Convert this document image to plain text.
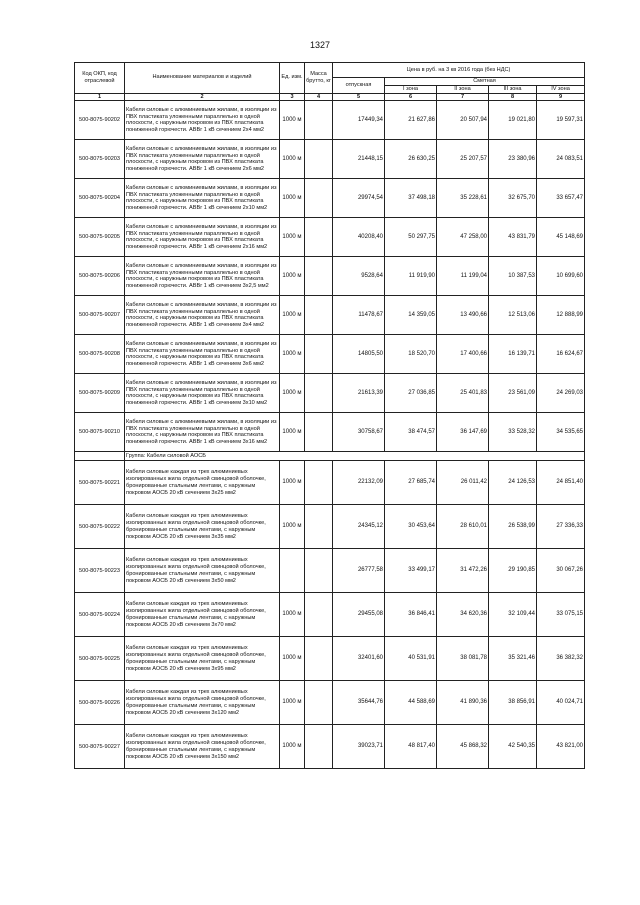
1327
Код ОКП, код отраслевой	Наименование материалов и изделий	Ед. изм.	Масса брутто, кг	Цена в руб. на 3 кв 2016 года (без НДС)				
				отпускная	Сметная			
					I зона	II зона	III зона	IV зона
1	2	3	4	5	6	7	8	9
500-8075-90202	Кабели силовые с алюминиевыми жилами, в изоляции из ПВХ пластиката уложенными параллельно в одной плоскости, с наружным покровом из ПВХ пластиката пониженной горючести. АВВг 1 кВ сечением 2х4 мм2	1000 м		17449,34	21 627,86	20 507,94	19 021,80	19 597,31
500-8075-90203	Кабели силовые с алюминиевыми жилами, в изоляции из ПВХ пластиката уложенными параллельно в одной плоскости, с наружным покровом из ПВХ пластиката пониженной горючести. АВВг 1 кВ сечением 2х6 мм2	1000 м		21448,15	26 630,25	25 207,57	23 380,96	24 083,51
500-8075-90204	Кабели силовые с алюминиевыми жилами, в изоляции из ПВХ пластиката уложенными параллельно в одной плоскости, с наружным покровом из ПВХ пластиката пониженной горючести. АВВг 1 кВ сечением 2х10 мм2	1000 м		29974,54	37 498,18	35 228,61	32 675,70	33 657,47
500-8075-90205	Кабели силовые с алюминиевыми жилами, в изоляции из ПВХ пластиката уложенными параллельно в одной плоскости, с наружным покровом из ПВХ пластиката пониженной горючести. АВВг 1 кВ сечением 2х16 мм2	1000 м		40208,40	50 297,75	47 258,00	43 831,79	45 148,69
500-8075-90206	Кабели силовые с алюминиевыми жилами, в изоляции из ПВХ пластиката уложенными параллельно в одной плоскости, с наружным покровом из ПВХ пластиката пониженной горючести. АВВг 1 кВ сечением 3х2,5 мм2	1000 м		9528,64	11 919,90	11 199,04	10 387,53	10 699,60
500-8075-90207	Кабели силовые с алюминиевыми жилами, в изоляции из ПВХ пластиката уложенными параллельно в одной плоскости, с наружным покровом из ПВХ пластиката пониженной горючести. АВВг 1 кВ сечением 3х4 мм2	1000 м		11478,67	14 359,05	13 490,66	12 513,06	12 888,99
500-8075-90208	Кабели силовые с алюминиевыми жилами, в изоляции из ПВХ пластиката уложенными параллельно в одной плоскости, с наружным покровом из ПВХ пластиката пониженной горючести. АВВг 1 кВ сечением 3х6 мм2	1000 м		14805,50	18 520,70	17 400,66	16 139,71	16 624,67
500-8075-90209	Кабели силовые с алюминиевыми жилами, в изоляции из ПВХ пластиката уложенными параллельно в одной плоскости, с наружным покровом из ПВХ пластиката пониженной горючести. АВВг 1 кВ сечением 3х10 мм2	1000 м		21613,39	27 036,85	25 401,83	23 561,09	24 269,03
500-8075-90210	Кабели силовые с алюминиевыми жилами, в изоляции из ПВХ пластиката уложенными параллельно в одной плоскости, с наружным покровом из ПВХ пластиката пониженной горючести. АВВг 1 кВ сечением 3х16 мм2	1000 м		30758,67	38 474,57	36 147,69	33 528,32	34 535,65
	Группа: Кабели силовой АОСБ							
500-8075-90221	Кабели силовые каждая из трех алюминиевых изолированных жила отдельной свинцовой оболочке, бронированные стальными лентами, с наружным покровом АОСБ 20 кВ сечением 3х25 мм2	1000 м		22132,09	27 685,74	26 011,42	24 126,53	24 851,40
500-8075-90222	Кабели силовые каждая из трех алюминиевых изолированных жила отдельной свинцовой оболочке, бронированные стальными лентами, с наружным покровом АОСБ 20 кВ сечением 3х35 мм2	1000 м		24345,12	30 453,64	28 610,01	26 538,99	27 336,33
500-8075-90223	Кабели силовые каждая из трех алюминиевых изолированных жила отдельной свинцовой оболочке, бронированные стальными лентами, с наружным покровом АОСБ 20 кВ сечением 3х50 мм2			26777,58	33 499,17	31 472,26	29 190,85	30 067,26
500-8075-90224	Кабели силовые каждая из трех алюминиевых изолированных жила отдельной свинцовой оболочке, бронированные стальными лентами, с наружным покровом АОСБ 20 кВ сечением 3х70 мм2	1000 м		29455,08	36 846,41	34 620,36	32 109,44	33 075,15
500-8075-90225	Кабели силовые каждая из трех алюминиевых изолированных жила отдельной свинцовой оболочке, бронированные стальными лентами, с наружным покровом АОСБ 20 кВ сечением 3х95 мм2	1000 м		32401,60	40 531,91	38 081,78	35 321,46	36 382,32
500-8075-90226	Кабели силовые каждая из трех алюминиевых изолированных жила отдельной свинцовой оболочке, бронированные стальными лентами, с наружным покровом АОСБ 20 кВ сечением 3х120 мм2	1000 м		35644,76	44 588,69	41 890,36	38 856,91	40 024,71
500-8075-90227	Кабели силовые каждая из трех алюминиевых изолированных жила отдельной свинцовой оболочке, бронированные стальными лентами, с наружным покровом АОСБ 20 кВ сечением 3х150 мм2	1000 м		39023,71	48 817,40	45 868,32	42 540,35	43 821,00
